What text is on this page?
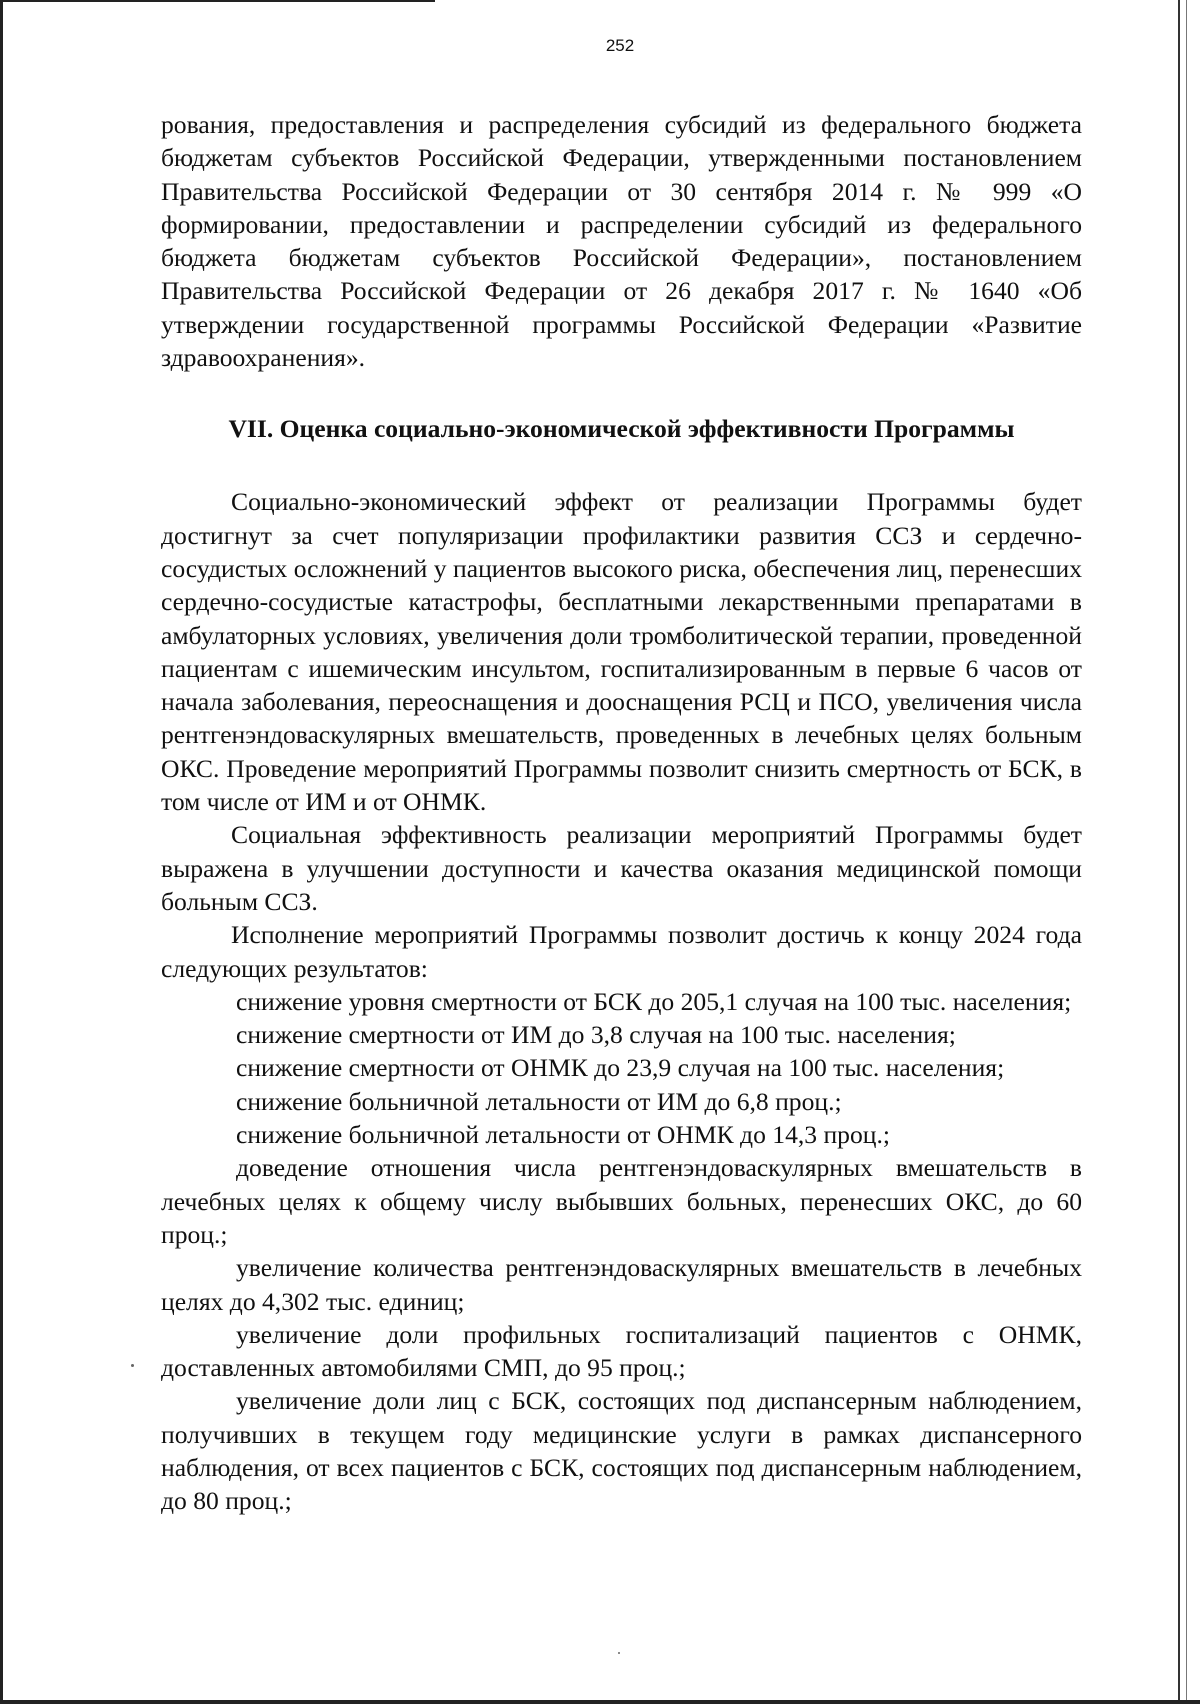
252

рования, предоставления и распределения субсидий из федерального бюджета бюджетам субъектов Российской Федерации, утвержденными постановлением Правительства Российской Федерации от 30 сентября 2014 г. № 999 «О формировании, предоставлении и распределении субсидий из федерального бюджета бюджетам субъектов Российской Федерации», постановлением Правительства Российской Федерации от 26 декабря 2017 г. № 1640 «Об утверждении государственной программы Российской Федерации «Развитие здравоохранения».

VII. Оценка социально-экономической эффективности Программы

Социально-экономический эффект от реализации Программы будет достигнут за счет популяризации профилактики развития ССЗ и сердечно-сосудистых осложнений у пациентов высокого риска, обеспечения лиц, перенесших сердечно-сосудистые катастрофы, бесплатными лекарственными препаратами в амбулаторных условиях, увеличения доли тромболитической терапии, проведенной пациентам с ишемическим инсультом, госпитализированным в первые 6 часов от начала заболевания, переоснащения и дооснащения РСЦ и ПСО, увеличения числа рентгенэндоваскулярных вмешательств, проведенных в лечебных целях больным ОКС. Проведение мероприятий Программы позволит снизить смертность от БСК, в том числе от ИМ и от ОНМК.

Социальная эффективность реализации мероприятий Программы будет выражена в улучшении доступности и качества оказания медицинской помощи больным ССЗ.

Исполнение мероприятий Программы позволит достичь к концу 2024 года следующих результатов:

снижение уровня смертности от БСК до 205,1 случая на 100 тыс. населения;

снижение смертности от ИМ до 3,8 случая на 100 тыс. населения;

снижение смертности от ОНМК до 23,9 случая на 100 тыс. населения;

снижение больничной летальности от ИМ до 6,8 проц.;

снижение больничной летальности от ОНМК до 14,3 проц.;

доведение отношения числа рентгенэндоваскулярных вмешательств в лечебных целях к общему числу выбывших больных, перенесших ОКС, до 60 проц.;

увеличение количества рентгенэндоваскулярных вмешательств в лечебных целях до 4,302 тыс. единиц;

увеличение доли профильных госпитализаций пациентов с ОНМК, доставленных автомобилями СМП, до 95 проц.;

увеличение доли лиц с БСК, состоящих под диспансерным наблюдением, получивших в текущем году медицинские услуги в рамках диспансерного наблюдения, от всех пациентов с БСК, состоящих под диспансерным наблюдением, до 80 проц.;
